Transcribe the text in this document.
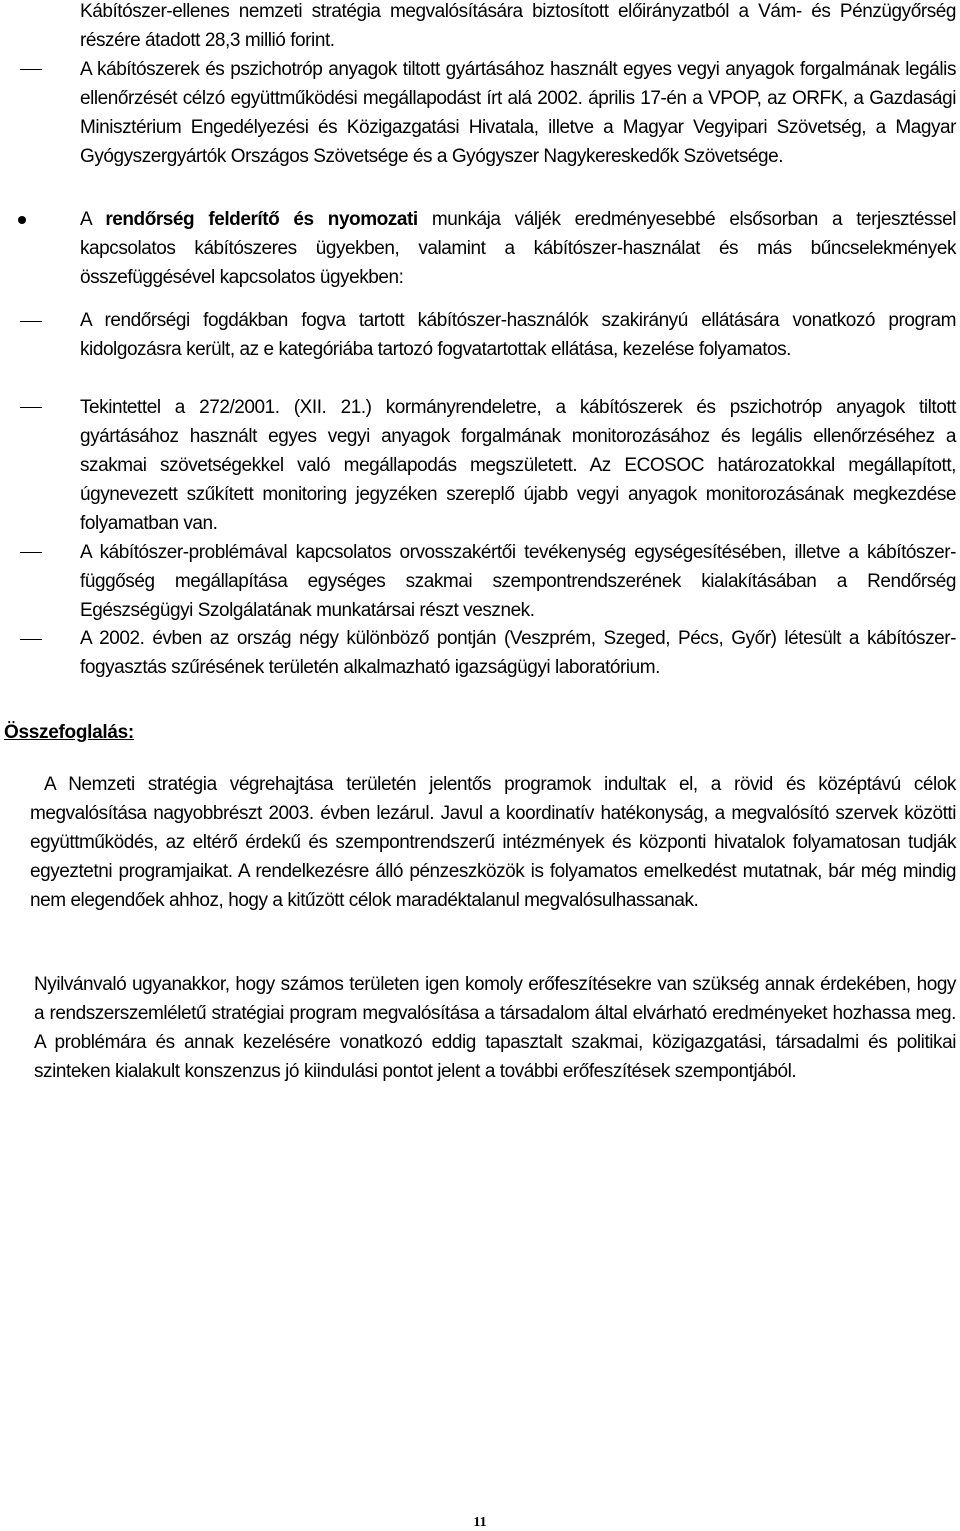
Kábítószer-ellenes nemzeti stratégia megvalósítására biztosított előirányzatból a Vám- és Pénzügyőrség részére átadott 28,3 millió forint.
A kábítószerek és pszichotróp anyagok tiltott gyártásához használt egyes vegyi anyagok forgalmának legális ellenőrzését célzó együttműködési megállapodást írt alá 2002. április 17-én a VPOP, az ORFK, a Gazdasági Minisztérium Engedélyezési és Közigazgatási Hivatala, illetve a Magyar Vegyipari Szövetség, a Magyar Gyógyszergyártók Országos Szövetsége és a Gyógyszer Nagykereskedők Szövetsége.
A rendőrség felderítő és nyomozati munkája váljék eredményesebbé elsősorban a terjesztéssel kapcsolatos kábítószeres ügyekben, valamint a kábítószer-használat és más bűncselekmények összefüggésével kapcsolatos ügyekben:
A rendőrségi fogdákban fogva tartott kábítószer-használók szakirányú ellátására vonatkozó program kidolgozásra került, az e kategóriába tartozó fogvatartottak ellátása, kezelése folyamatos.
Tekintettel a 272/2001. (XII. 21.) kormányrendeletre, a kábítószerek és pszichotróp anyagok tiltott gyártásához használt egyes vegyi anyagok forgalmának monitorozásához és legális ellenőrzéséhez a szakmai szövetségekkel való megállapodás megszületett. Az ECOSOC határozatokkal megállapított, úgynevezett szűkített monitoring jegyzéken szereplő újabb vegyi anyagok monitorozásának megkezdése folyamatban van.
A kábítószer-problémával kapcsolatos orvosszakértői tevékenység egységesítésében, illetve a kábítószer-függőség megállapítása egységes szakmai szempontrendszerének kialakításában a Rendőrség Egészségügyi Szolgálatának munkatársai részt vesznek.
A 2002. évben az ország négy különböző pontján (Veszprém, Szeged, Pécs, Győr) létesült a kábítószer-fogyasztás szűrésének területén alkalmazható igazságügyi laboratórium.
Összefoglalás:
A Nemzeti stratégia végrehajtása területén jelentős programok indultak el, a rövid és középtávú célok megvalósítása nagyobbrészt 2003. évben lezárul. Javul a koordinatív hatékonyság, a megvalósító szervek közötti együttműködés, az eltérő érdekű és szempontrendszerű intézmények és központi hivatalok folyamatosan tudják egyeztetni programjaikat. A rendelkezésre álló pénzeszközök is folyamatos emelkedést mutatnak, bár még mindig nem elegendőek ahhoz, hogy a kitűzött célok maradéktalanul megvalósulhassanak.
Nyilvánvaló ugyanakkor, hogy számos területen igen komoly erőfeszítésekre van szükség annak érdekében, hogy a rendszerszemléletű stratégiai program megvalósítása a társadalom által elvárható eredményeket hozhassa meg. A problémára és annak kezelésére vonatkozó eddig tapasztalt szakmai, közigazgatási, társadalmi és politikai szinteken kialakult konszenzus jó kiindulási pontot jelent a további erőfeszítések szempontjából.
11
